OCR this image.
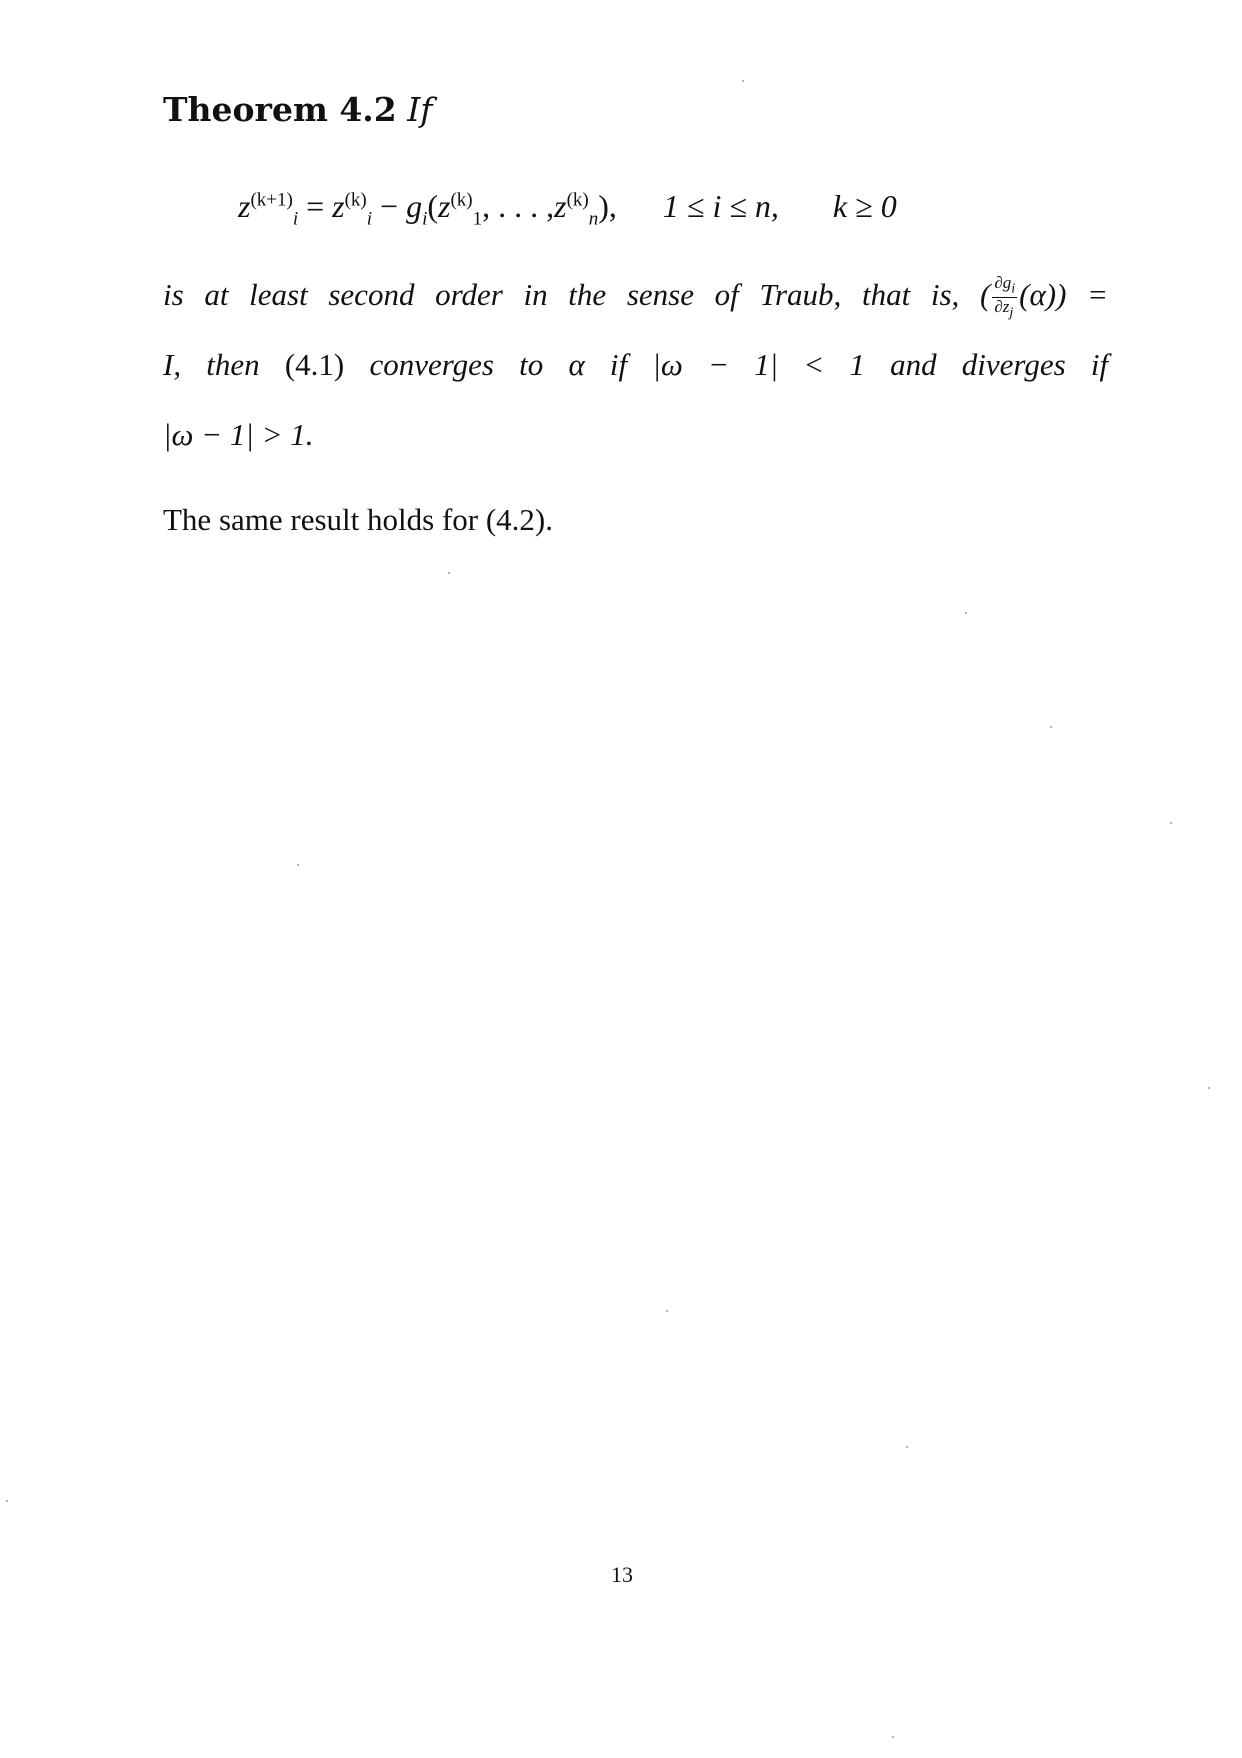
Theorem 4.2 If
$z^{(k+1)}_i = z^{(k)}_i - g_i(z^{(k)}_1$, . . . $,z^{(k)}_n$), 1 ≤ i ≤ n, k ≥ 0
is at least second order in the sense of Traub, that is, ( $\frac{\partial g_i}{\partial z_j} (\alpha)$) =
I, then (4.1) converges to α if |ω − 1| < 1 and diverges if
|ω − 1| > 1.
The same result holds for (4.2).
13
